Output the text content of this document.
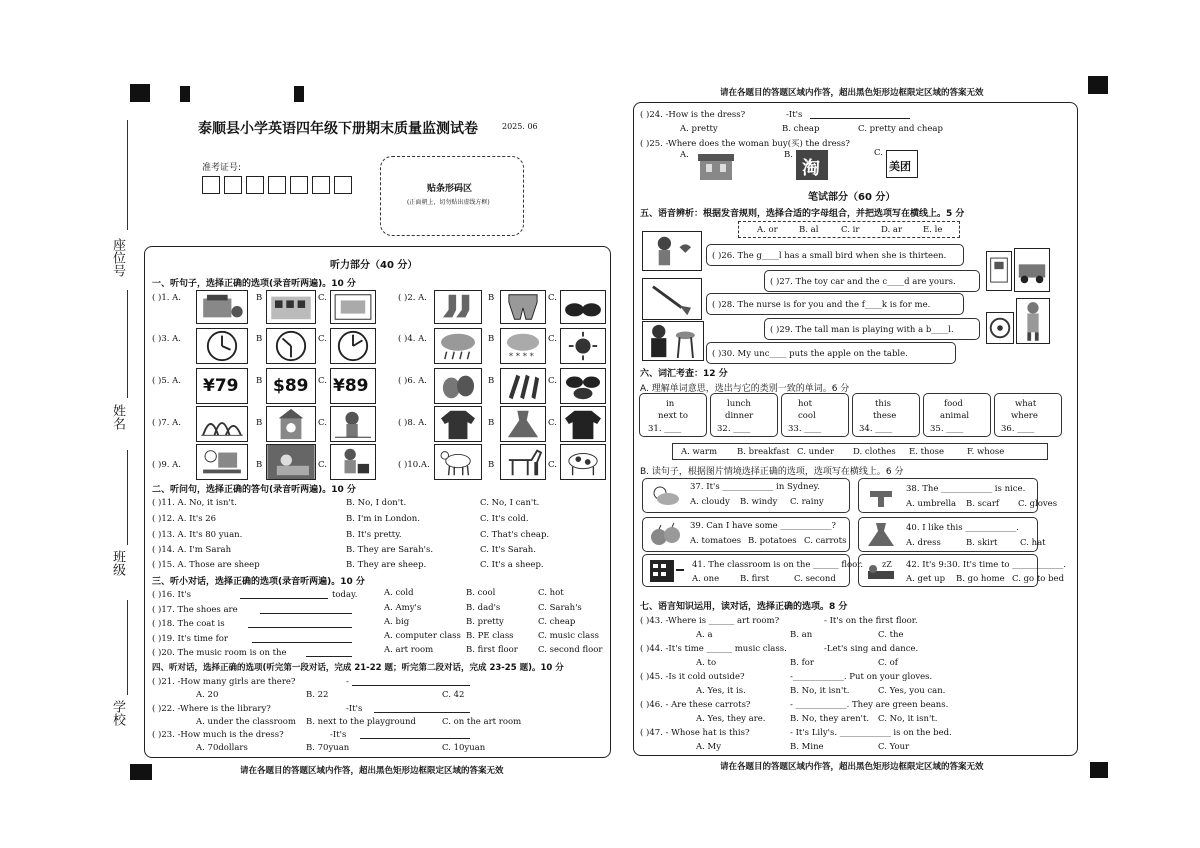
座位号
姓名
班级
学校
泰顺县小学英语四年级下册期末质量监测试卷	2025. 06
准考证号:
贴条形码区
(正面朝上，切勿贴出虚线方框)
听力部分（40 分）
一、听句子，选择正确的选项(录音听两遍)。10 分
( )1. A.	B	C.	( )2. A.	B	C.
( )3. A.	B	C.	( )4. A.	B
* * * *
C.
( )5. A. ¥79 B $89 C. ¥89	( )6. A.	B	C.
( )7. A.	B	C.	( )8. A.	B	C.
( )9. A.	B	C.	( )10.A.	B	C.
二、听问句，选择正确的答句(录音听两遍)。10 分
( )11. A. No, it isn't.	B. No, I don't.	C. No, I can't.
( )12. A. It's 26	B. I'm in London.	C. It's cold.
( )13. A. It's 80 yuan.	B. It's pretty.	C. That's cheap.
( )14. A. I'm Sarah	B. They are Sarah's.	C. It's Sarah.
( )15. A. Those are sheep	B. They are sheep.	C. It's a sheep.
三、听小对话，选择正确的选项(录音听两遍)。10 分
( )16. It's	today.	A. cold	B. cool	C. hot
( )17. The shoes are	A. Amy's	B. dad's	C. Sarah's
( )18. The coat is	A. big	B. pretty	C. cheap
( )19. It's time for	A. computer class B. PE class	C. music class
( )20. The music room is on the	A. art room	B. first floor C. second floor
四、听对话，选择正确的选项(听完第一段对话，完成 21-22 题；听完第二段对话，完成 23-25 题)。10 分
( )21. -How many girls are there?	-
A. 20	B. 22	C. 42
( )22. -Where is the library?	-It's
A. under the classroom B. next to the playground	C. on the art room
( )23. -How much is the dress?	-It's
A. 70dollars	B. 70yuan	C. 10yuan
请在各题目的答题区域内作答，超出黑色矩形边框限定区域的答案无效
请在各题目的答题区域内作答，超出黑色矩形边框限定区域的答案无效
( )24. -How is the dress?	-It's
A. pretty	B. cheap	C. pretty and cheap
( )25. -Where does the woman buy(买) the dress?
A.	B.
淘
C.
美团
笔试部分（60 分）
五、语音辨析：根据发音规则，选择合适的字母组合，并把选项写在横线上。5 分
A. or	B. al	C. ir	D. ar E. le
( )26. The g____l has a small bird when she is thirteen.
( )27. The toy car and the c____d are yours.
( )28. The nurse is for you and the f____k is for me.
( )29. The tall man is playing with a b____l.
( )30. My unc____ puts the apple on the table.
六、词汇考查：12 分
A. 理解单词意思，选出与它的类别一致的单词。6 分
in
next to
31. ____
lunch
dinner
32. ____
hot
cool
33. ____
this
these
34. ____
food
animal
35. ____
what
where
36. ____
A. warm B. breakfast C. under D. clothes E. those	F. whose
B. 读句子，根据图片情境选择正确的选项，选项写在横线上。6 分
37. It's ____________ in Sydney.
A. cloudy B. windy C. rainy
38. The ____________ is nice.
A. umbrella B. scarf C. gloves
39. Can I have some ____________?
A. tomatoes B. potatoes C. carrots
40. I like this ____________.
A. dress	B. skirt	C. hat
41. The classroom is on the ______ floor.
A. one B. first	C. second
zZ 42. It's 9:30. It's time to ____________.
A. get up B. go home C. go to bed
七、语言知识运用，读对话，选择正确的选项。8 分
( )43. -Where is ______ art room?	- It's on the first floor.
A. a	B. an	C. the
( )44. -It's time ______ music class.	-Let's sing and dance.
A. to	B. for	C. of
( )45. -Is it cold outside?	-____________. Put on your gloves.
A. Yes, it is.	B. No, it isn't.	C. Yes, you can.
( )46. - Are these carrots?	- ____________. They are green beans.
A. Yes, they are.	B. No, they aren't. C. No, it isn't.
( )47. - Whose hat is this?	- It's Lily's. ____________ is on the bed.
A. My	B. Mine	C. Your
请在各题目的答题区域内作答，超出黑色矩形边框限定区域的答案无效
